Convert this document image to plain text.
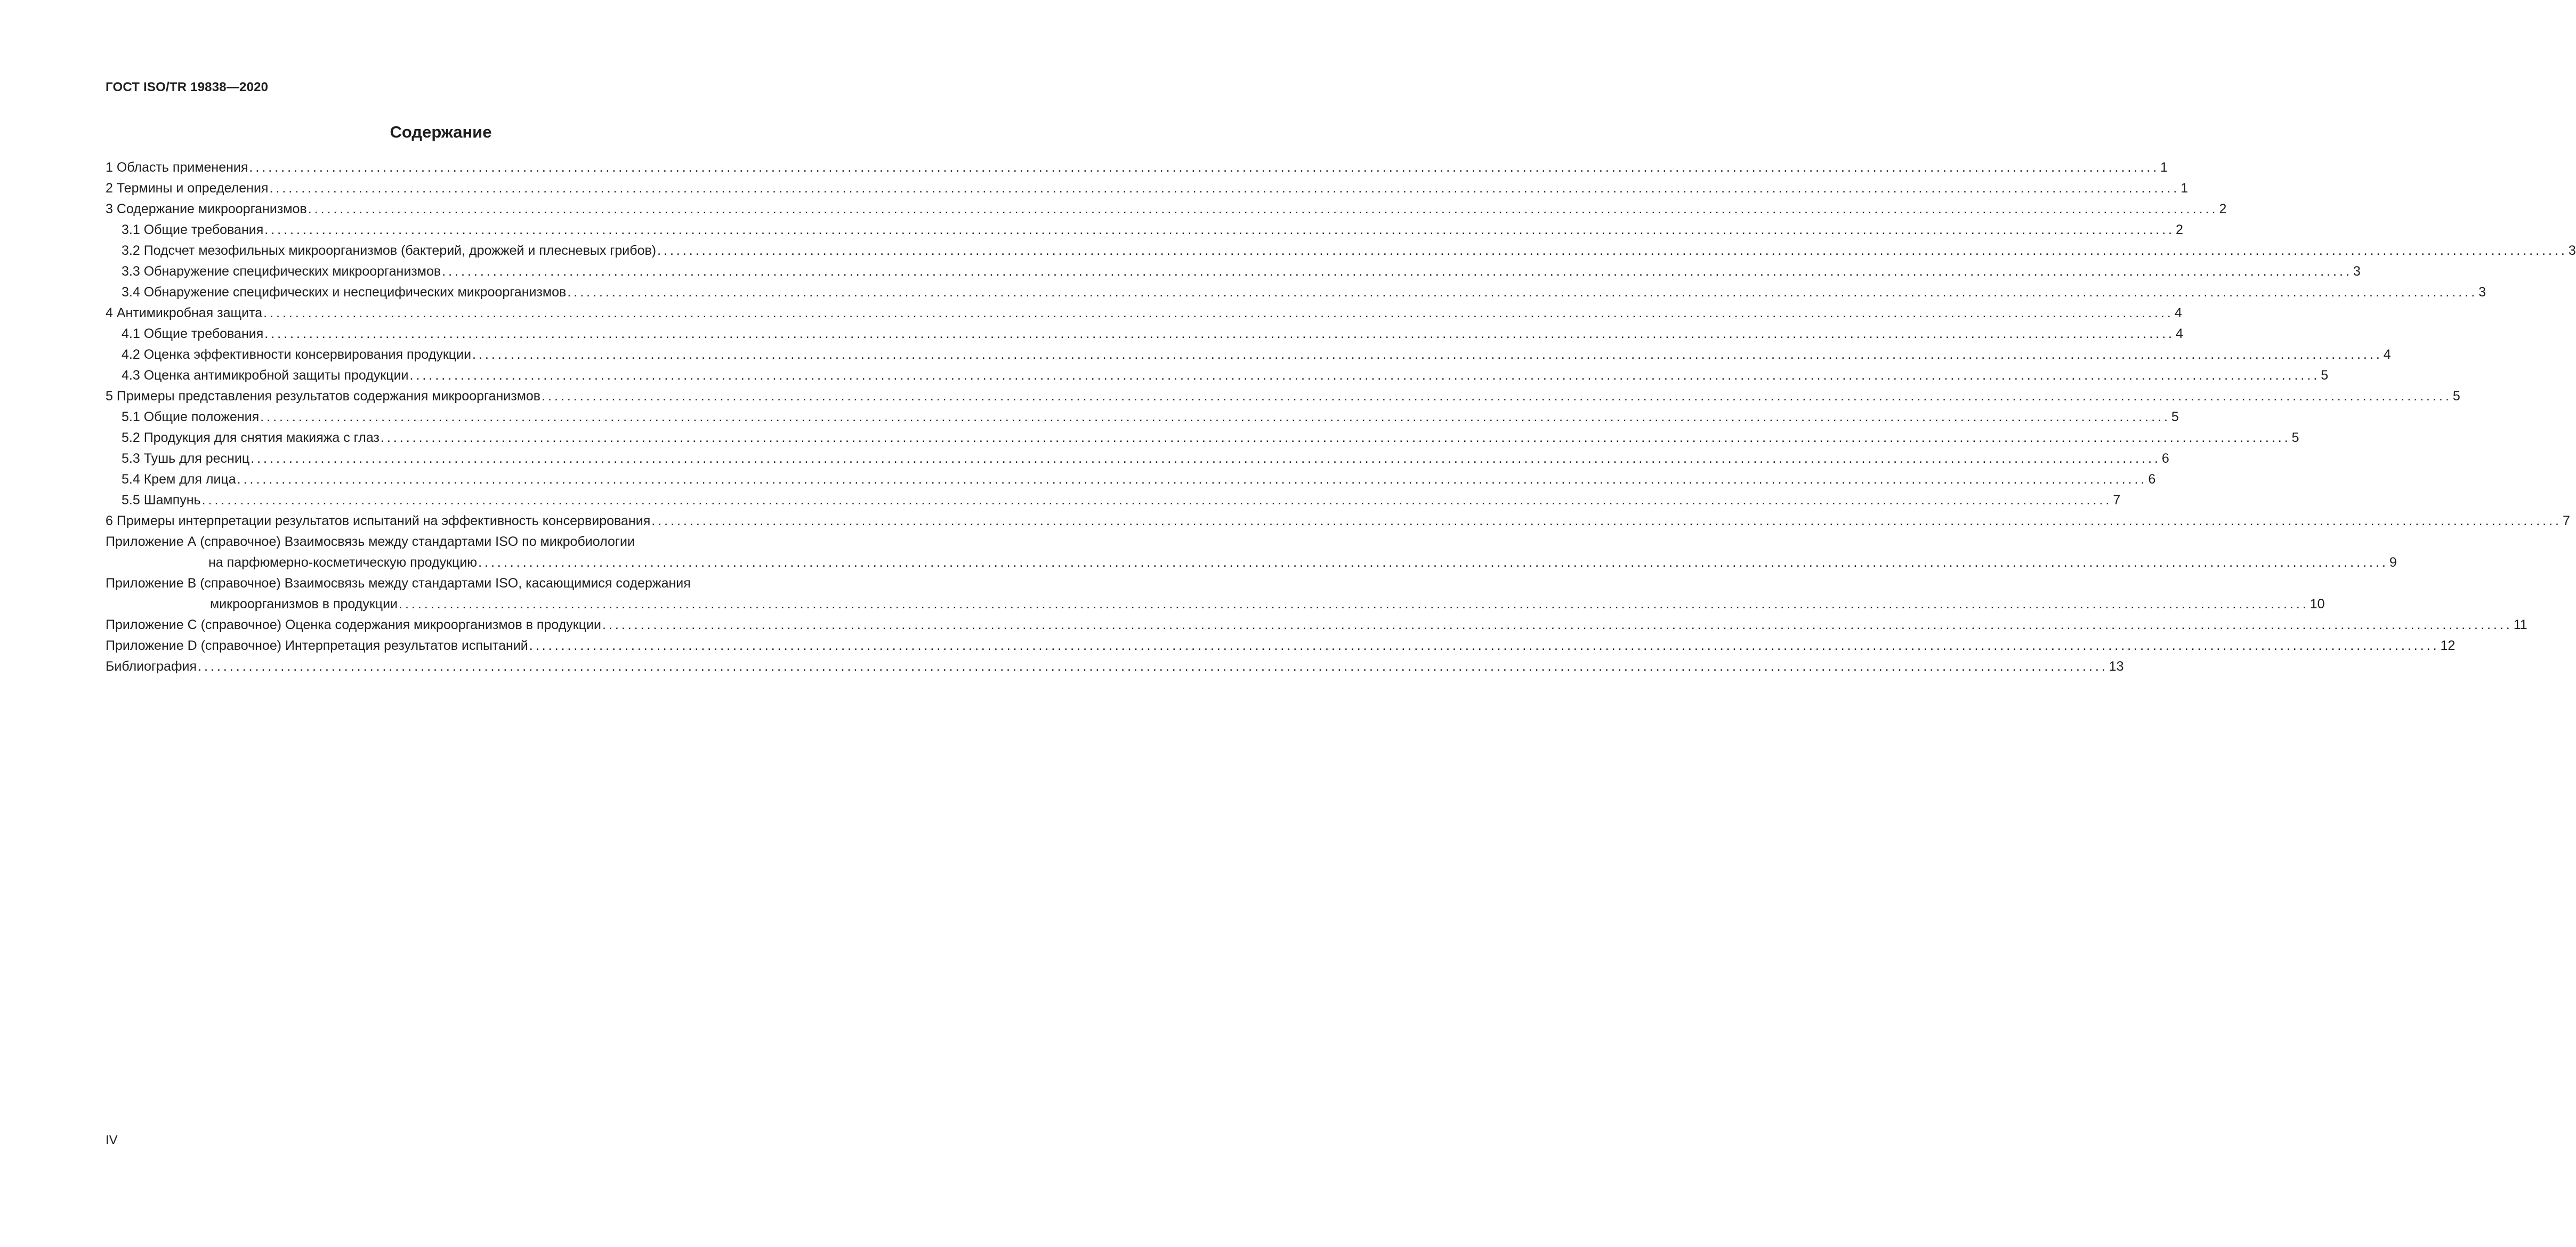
ГОСТ ISO/TR 19838—2020
Содержание
1 Область применения ............................................................................................................................................................................................................................................................................................................ 1
2 Термины и определения ............................................................................................................................................................................................................................................................................................................ 1
3 Содержание микроорганизмов ............................................................................................................................................................................................................................................................................................................ 2
3.1 Общие требования ............................................................................................................................................................................................................................................................................................................ 2
3.2 Подсчет мезофильных микроорганизмов (бактерий, дрожжей и плесневых грибов) ............................................................................................................................................................................................................................................................................................................ 3
3.3 Обнаружение специфических микроорганизмов ............................................................................................................................................................................................................................................................................................................ 3
3.4 Обнаружение специфических и неспецифических микроорганизмов ............................................................................................................................................................................................................................................................................................................ 3
4 Антимикробная защита ............................................................................................................................................................................................................................................................................................................ 4
4.1 Общие требования ............................................................................................................................................................................................................................................................................................................ 4
4.2 Оценка эффективности консервирования продукции ............................................................................................................................................................................................................................................................................................................ 4
4.3 Оценка антимикробной защиты продукции ............................................................................................................................................................................................................................................................................................................ 5
5 Примеры представления результатов содержания микроорганизмов ............................................................................................................................................................................................................................................................................................................ 5
5.1 Общие положения ............................................................................................................................................................................................................................................................................................................ 5
5.2 Продукция для снятия макияжа с глаз ............................................................................................................................................................................................................................................................................................................ 5
5.3 Тушь для ресниц ............................................................................................................................................................................................................................................................................................................ 6
5.4 Крем для лица ............................................................................................................................................................................................................................................................................................................ 6
5.5 Шампунь ............................................................................................................................................................................................................................................................................................................ 7
6 Примеры интерпретации результатов испытаний на эффективность консервирования ............................................................................................................................................................................................................................................................................................................ 7
Приложение А (справочное) Взаимосвязь между стандартами ISO по микробиологии
на парфюмерно-косметическую продукцию ............................................................................................................................................................................................................................................................................................................ 9
Приложение В (справочное) Взаимосвязь между стандартами ISO, касающимися содержания
микроорганизмов в продукции ............................................................................................................................................................................................................................................................................................................ 10
Приложение С (справочное) Оценка содержания микроорганизмов в продукции ............................................................................................................................................................................................................................................................................................................ 11
Приложение D (справочное) Интерпретация результатов испытаний ............................................................................................................................................................................................................................................................................................................ 12
Библиография ............................................................................................................................................................................................................................................................................................................ 13
IV
